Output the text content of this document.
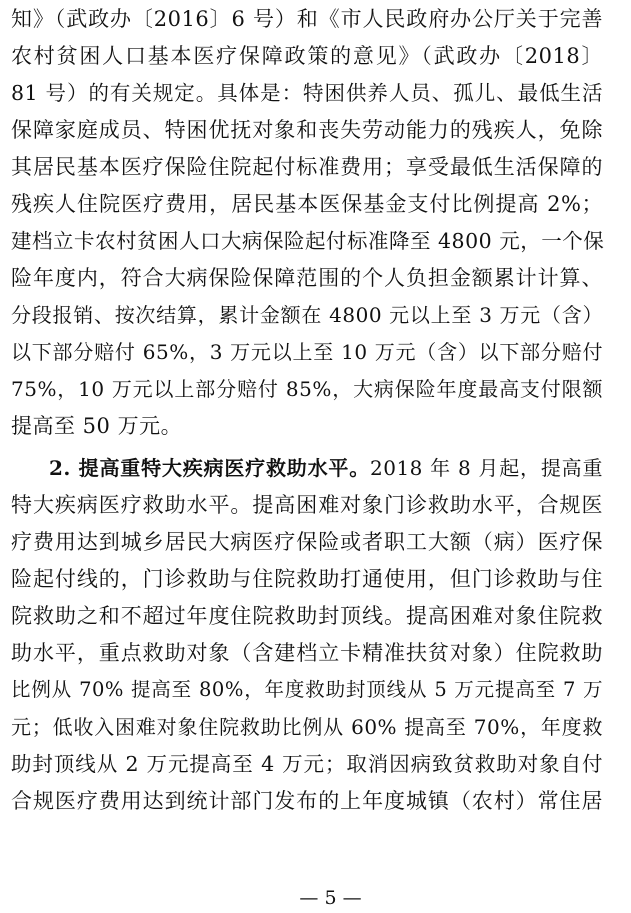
知》（武政办〔2016〕6 号）和《市人民政府办公厅关于完善
农村贫困人口基本医疗保障政策的意见》（武政办〔2018〕
81 号）的有关规定。具体是：特困供养人员、孤儿、最低生活
保障家庭成员、特困优抚对象和丧失劳动能力的残疾人，免除
其居民基本医疗保险住院起付标准费用；享受最低生活保障的
残疾人住院医疗费用，居民基本医保基金支付比例提高 2%；
建档立卡农村贫困人口大病保险起付标准降至 4800 元，一个保
险年度内，符合大病保险保障范围的个人负担金额累计计算、
分段报销、按次结算，累计金额在 4800 元以上至 3 万元（含）
以下部分赔付 65%，3 万元以上至 10 万元（含）以下部分赔付
75%，10 万元以上部分赔付 85%，大病保险年度最高支付限额
提高至 50 万元。
2. 提高重特大疾病医疗救助水平。2018 年 8 月起，提高重
特大疾病医疗救助水平。提高困难对象门诊救助水平，合规医
疗费用达到城乡居民大病医疗保险或者职工大额（病）医疗保
险起付线的，门诊救助与住院救助打通使用，但门诊救助与住
院救助之和不超过年度住院救助封顶线。提高困难对象住院救
助水平，重点救助对象（含建档立卡精准扶贫对象）住院救助
比例从 70% 提高至 80%，年度救助封顶线从 5 万元提高至 7 万
元；低收入困难对象住院救助比例从 60% 提高至 70%，年度救
助封顶线从 2 万元提高至 4 万元；取消因病致贫救助对象自付
合规医疗费用达到统计部门发布的上年度城镇（农村）常住居
— 5 —
